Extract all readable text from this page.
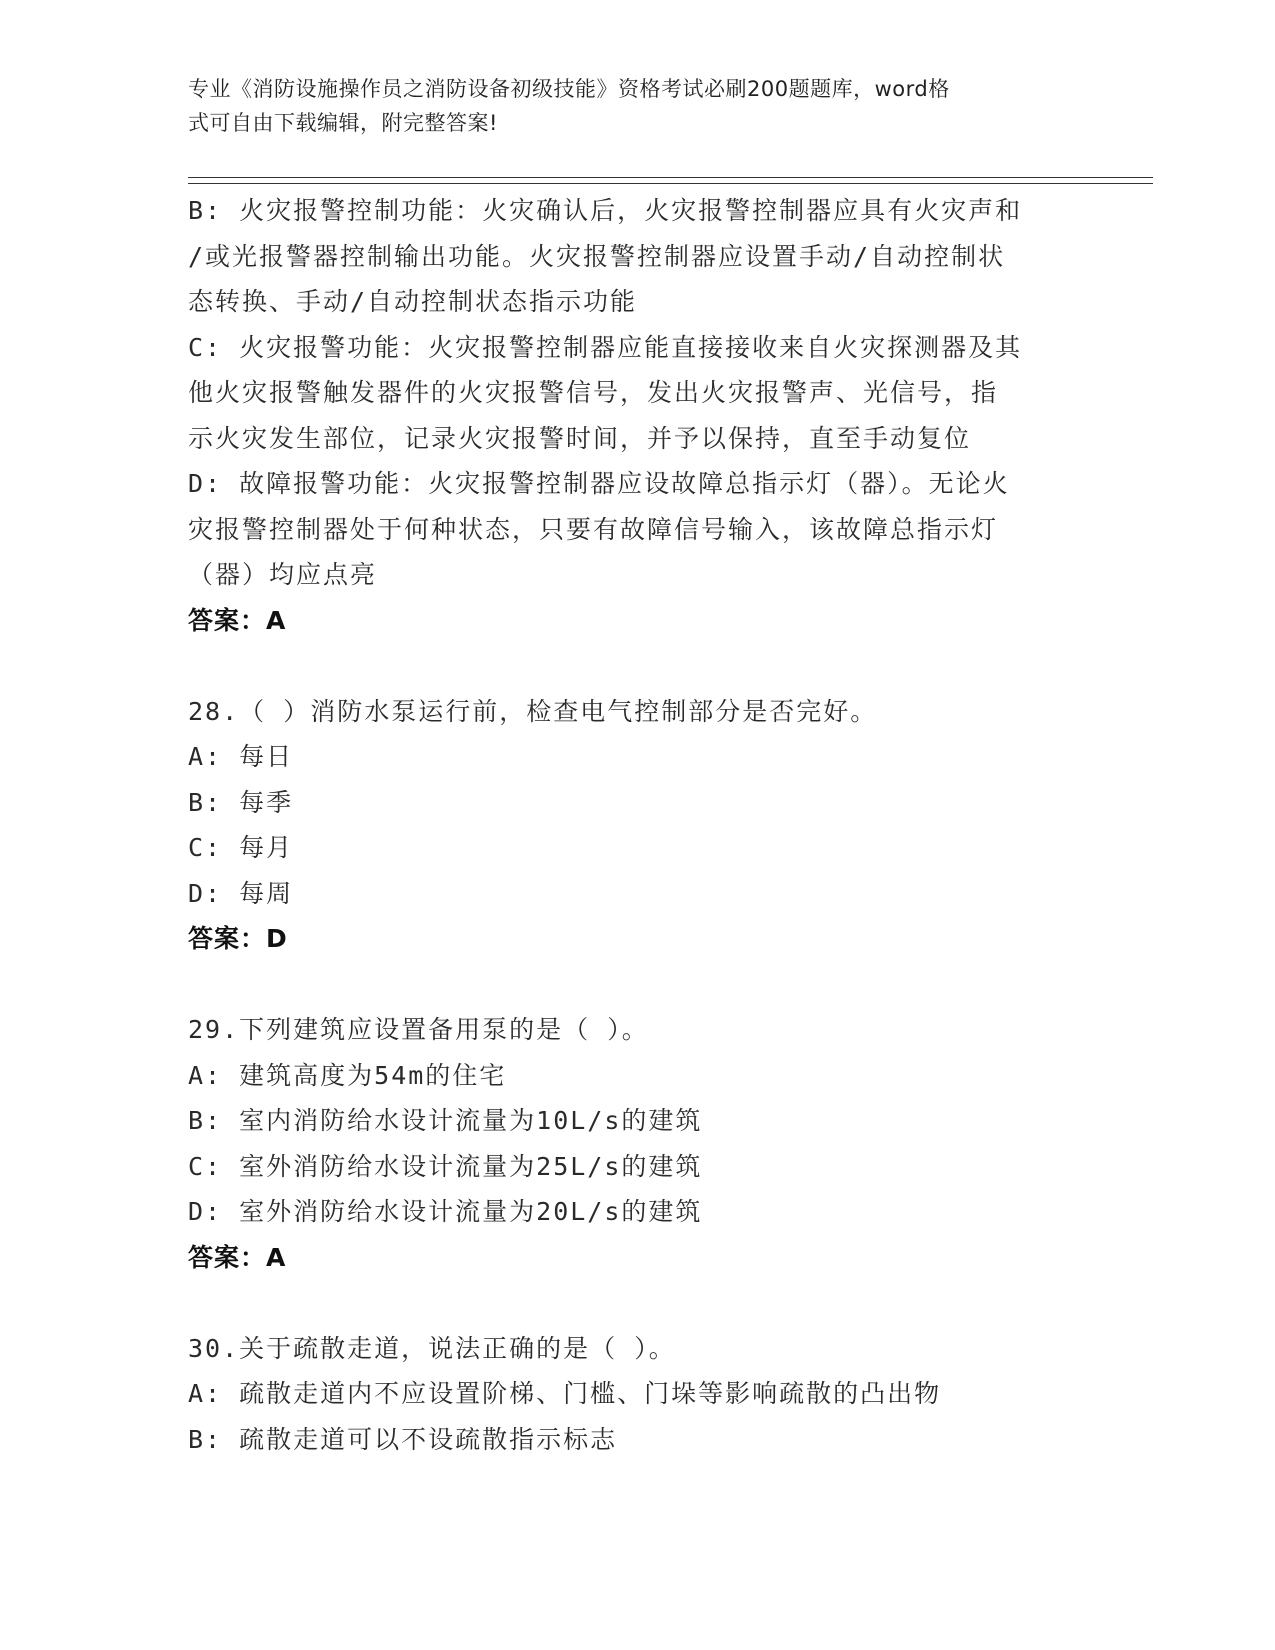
专业《消防设施操作员之消防设备初级技能》资格考试必刷200题题库，word格
式可自由下载编辑，附完整答案!
B: 火灾报警控制功能：火灾确认后，火灾报警控制器应具有火灾声和
/或光报警器控制输出功能。火灾报警控制器应设置手动/自动控制状
态转换、手动/自动控制状态指示功能
C: 火灾报警功能：火灾报警控制器应能直接接收来自火灾探测器及其
他火灾报警触发器件的火灾报警信号，发出火灾报警声、光信号，指
示火灾发生部位，记录火灾报警时间，并予以保持，直至手动复位
D: 故障报警功能：火灾报警控制器应设故障总指示灯（器）。无论火
灾报警控制器处于何种状态，只要有故障信号输入，该故障总指示灯
（器）均应点亮
答案：A
28.（ ）消防水泵运行前，检查电气控制部分是否完好。
A: 每日
B: 每季
C: 每月
D: 每周
答案：D
29.下列建筑应设置备用泵的是（ ）。
A: 建筑高度为54m的住宅
B: 室内消防给水设计流量为10L/s的建筑
C: 室外消防给水设计流量为25L/s的建筑
D: 室外消防给水设计流量为20L/s的建筑
答案：A
30.关于疏散走道，说法正确的是（ ）。
A: 疏散走道内不应设置阶梯、门槛、门垛等影响疏散的凸出物
B: 疏散走道可以不设疏散指示标志
